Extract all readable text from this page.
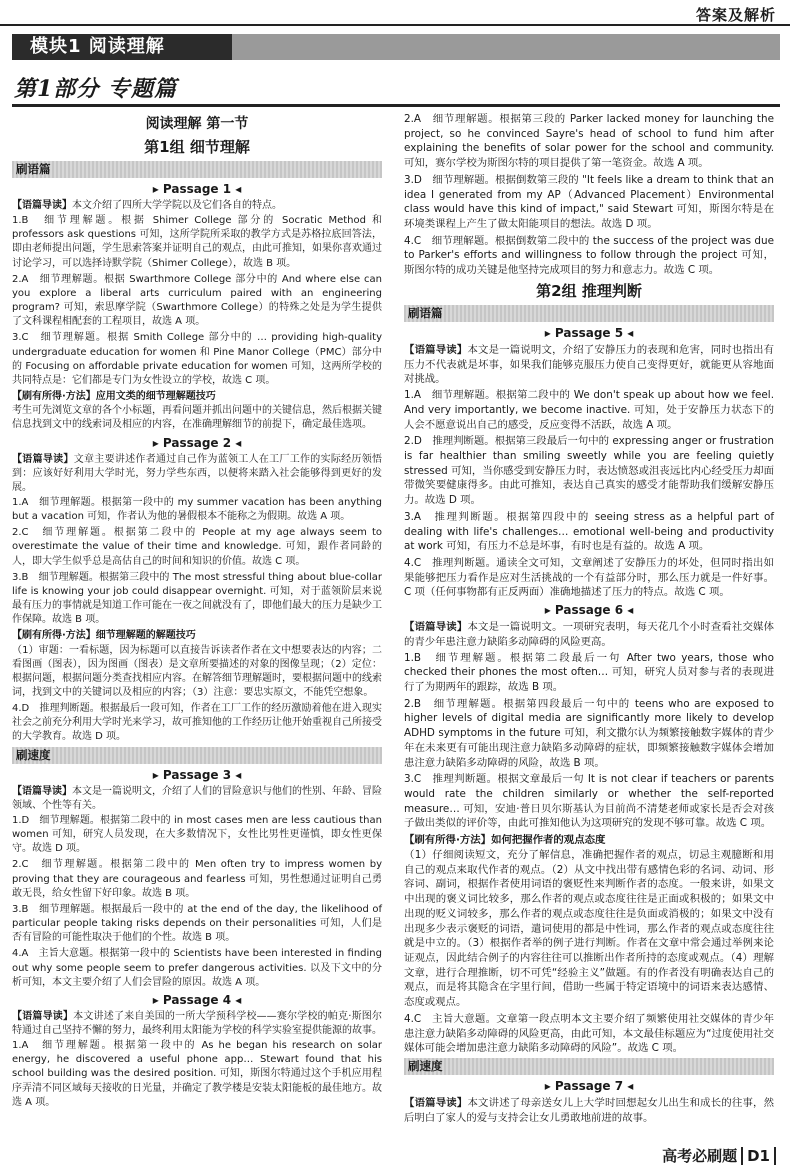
答案及解析
模块1 阅读理解
第1部分 专题篇
阅读理解 第一节
第1组 细节理解
刷语篇
▸ Passage 1 ◂

【语篇导读】本文介绍了四所大学学院以及它们各自的特点。

1.B　细节理解题。根据 Shimer College 部分的 Socratic Method 和 professors ask questions 可知，这所学院所采取的教学方式是苏格拉底回答法，即由老师提出问题，学生思索答案并证明自己的观点，由此可推知，如果你喜欢通过讨论学习，可以选择诗默学院（Shimer College），故选 B 项。

2.A　细节理解题。根据 Swarthmore College 部分中的 And where else can you explore a liberal arts curriculum paired with an engineering program? 可知，索思摩学院（Swarthmore College）的特殊之处是为学生提供了文科课程相配套的工程项目，故选 A 项。

3.C　细节理解题。根据 Smith College 部分中的 … providing high-quality undergraduate education for women 和 Pine Manor College（PMC）部分中的 Focusing on affordable private education for women 可知，这两所学校的共同特点是：它们都是专门为女性设立的学校，故选 C 项。

【刷有所得·方法】应用文类的细节理解题技巧
考生可先浏览文章的各个小标题，再看问题并抓出问题中的关键信息，然后根据关键信息找到文中的线索词及相应的内容，在准确理解细节的前提下，确定最佳选项。

▸ Passage 2 ◂

【语篇导读】文章主要讲述作者通过自己作为蓝领工人在工厂工作的实际经历领悟到：应该好好利用大学时光，努力学些东西，以便将来踏入社会能够得到更好的发展。

1.A　细节理解题。根据第一段中的 my summer vacation has been anything but a vacation 可知，作者认为他的暑假根本不能称之为假期。故选 A 项。

2.C　细节理解题。根据第二段中的 People at my age always seem to overestimate the value of their time and knowledge. 可知，跟作者同龄的人，即大学生似乎总是高估自己的时间和知识的价值。故选 C 项。

3.B　细节理解题。根据第三段中的 The most stressful thing about blue-collar life is knowing your job could disappear overnight. 可知，对于蓝领阶层来说最有压力的事情就是知道工作可能在一夜之间就没有了，即他们最大的压力是缺少工作保障。故选 B 项。

【刷有所得·方法】细节理解题的解题技巧
（1）审题：一看标题，因为标题可以直接告诉读者作者在文中想要表达的内容；二看图画（图表），因为图画（图表）是文章所要描述的对象的图像呈现；（2）定位：根据问题，根据问题分类查找相应内容。在解答细节理解题时，要根据问题中的线索词，找到文中的关键词以及相应的内容；（3）注意：要忠实原文，不能凭空想象。

4.D　推理判断题。根据最后一段可知，作者在工厂工作的经历激励着他在进入现实社会之前充分利用大学时光来学习，故可推知他的工作经历让他开始重视自己所接受的大学教育。故选 D 项。

刷速度
▸ Passage 3 ◂

【语篇导读】本文是一篇说明文，介绍了人们的冒险意识与他们的性别、年龄、冒险领域、个性等有关。

1.D　细节理解题。根据第二段中的 in most cases men are less cautious than women 可知，研究人员发现，在大多数情况下，女性比男性更谨慎，即女性更保守。故选 D 项。

2.C　细节理解题。根据第二段中的 Men often try to impress women by proving that they are courageous and fearless 可知，男性想通过证明自己勇敢无畏，给女性留下好印象。故选 B 项。

3.B　细节理解题。根据最后一段中的 at the end of the day, the likelihood of particular people taking risks depends on their personalities 可知，人们是否有冒险的可能性取决于他们的个性。故选 B 项。

4.A　主旨大意题。根据第一段中的 Scientists have been interested in finding out why some people seem to prefer dangerous activities. 以及下文中的分析可知，本文主要介绍了人们会冒险的原因。故选 A 项。

▸ Passage 4 ◂

【语篇导读】本文讲述了来自美国的一所大学预科学校——赛尔学校的帕克·斯图尔特通过自己坚持不懈的努力，最终利用太阳能为学校的科学实验室提供能源的故事。

1.A　细节理解题。根据第一段中的 As he began his research on solar energy, he discovered a useful phone app… Stewart found that his school building was the desired position. 可知，斯图尔特通过这个手机应用程序弄清不同区域每天接收的日光量，并确定了教学楼是安装太阳能板的最佳地方。故选 A 项。

2.A　细节理解题。根据第三段的 Parker lacked money for launching the project, so he convinced Sayre's head of school to fund him after explaining the benefits of solar power for the school and community. 可知，赛尔学校为斯图尔特的项目提供了第一笔资金。故选 A 项。

3.D　细节理解题。根据倒数第三段的 "It feels like a dream to think that an idea I generated from my AP（Advanced Placement）Environmental class would have this kind of impact," said Stewart 可知，斯图尔特是在环境类课程上产生了做太阳能项目的想法。故选 D 项。

4.C　细节理解题。根据倒数第二段中的 the success of the project was due to Parker's efforts and willingness to follow through the project 可知，斯图尔特的成功关键是他坚持完成项目的努力和意志力。故选 C 项。

第2组 推理判断
刷语篇
▸ Passage 5 ◂

【语篇导读】本文是一篇说明文，介绍了安静压力的表现和危害，同时也指出有压力不代表就是坏事，如果我们能够克服压力使自己变得更好，就能更从容地面对挑战。

1.A　细节理解题。根据第二段中的 We don't speak up about how we feel. And very importantly, we become inactive. 可知，处于安静压力状态下的人会不愿意说出自己的感受，反应变得不活跃，故选 A 项。

2.D　推理判断题。根据第三段最后一句中的 expressing anger or frustration is far healthier than smiling sweetly while you are feeling quietly stressed 可知，当你感受到安静压力时，表达愤怒或沮丧远比内心经受压力却面带微笑要健康得多。由此可推知，表达自己真实的感受才能帮助我们缓解安静压力。故选 D 项。

3.A　推理判断题。根据第四段中的 seeing stress as a helpful part of dealing with life's challenges… emotional well-being and productivity at work 可知，有压力不总是坏事，有时也是有益的。故选 A 项。

4.C　推理判断题。通读全文可知，文章阐述了安静压力的坏处，但同时指出如果能够把压力看作是应对生活挑战的一个有益部分时，那么压力就是一件好事。C 项（任何事物都有正反两面）准确地描述了压力的特点。故选 C 项。

▸ Passage 6 ◂

【语篇导读】本文是一篇说明文。一项研究表明，每天花几个小时查看社交媒体的青少年患注意力缺陷多动障碍的风险更高。

1.B　细节理解题。根据第二段最后一句 After two years, those who checked their phones the most often… 可知，研究人员对参与者的表现进行了为期两年的跟踪，故选 B 项。

2.B　细节理解题。根据第四段最后一句中的 teens who are exposed to higher levels of digital media are significantly more likely to develop ADHD symptoms in the future 可知，利文撒尔认为频繁接触数字媒体的青少年在未来更有可能出现注意力缺陷多动障碍的症状，即频繁接触数字媒体会增加患注意力缺陷多动障碍的风险，故选 B 项。

3.C　推理判断题。根据文章最后一句 It is not clear if teachers or parents would rate the children similarly or whether the self-reported measure… 可知，安迪·普日贝尔斯基认为目前尚不清楚老师或家长是否会对孩子做出类似的评价等，由此可推知他认为这项研究的发现不够可靠。故选 C 项。

【刷有所得·方法】如何把握作者的观点态度
（1）仔细阅读短文，充分了解信息，准确把握作者的观点，切忌主观臆断和用自己的观点来取代作者的观点。（2）从文中找出带有感情色彩的名词、动词、形容词、副词，根据作者使用词语的褒贬性来判断作者的态度。一般来讲，如果文中出现的褒义词比较多，那么作者的观点或态度往往是正面或积极的；如果文中出现的贬义词较多，那么作者的观点或态度往往是负面或消极的；如果文中没有出现多少表示褒贬的词语，遣词使用的都是中性词，那么作者的观点或态度往往就是中立的。（3）根据作者举的例子进行判断。作者在文章中常会通过举例来论证观点，因此结合例子的内容往往可以推断出作者所持的态度或观点。（4）理解文章，进行合理推断，切不可凭“经验主义”做题。有的作者没有明确表达自己的观点，而是将其隐含在字里行间，借助一些属于特定语境中的词语来表达感情、态度或观点。

4.C　主旨大意题。文章第一段点明本文主要介绍了频繁使用社交媒体的青少年患注意力缺陷多动障碍的风险更高，由此可知，本文最佳标题应为“过度使用社交媒体可能会增加患注意力缺陷多动障碍的风险”。故选 C 项。

刷速度
▸ Passage 7 ◂

【语篇导读】本文讲述了母亲送女儿上大学时回想起女儿出生和成长的往事，然后明白了家人的爱与支持会让女儿勇敢地前进的故事。

高考必刷题 D1
